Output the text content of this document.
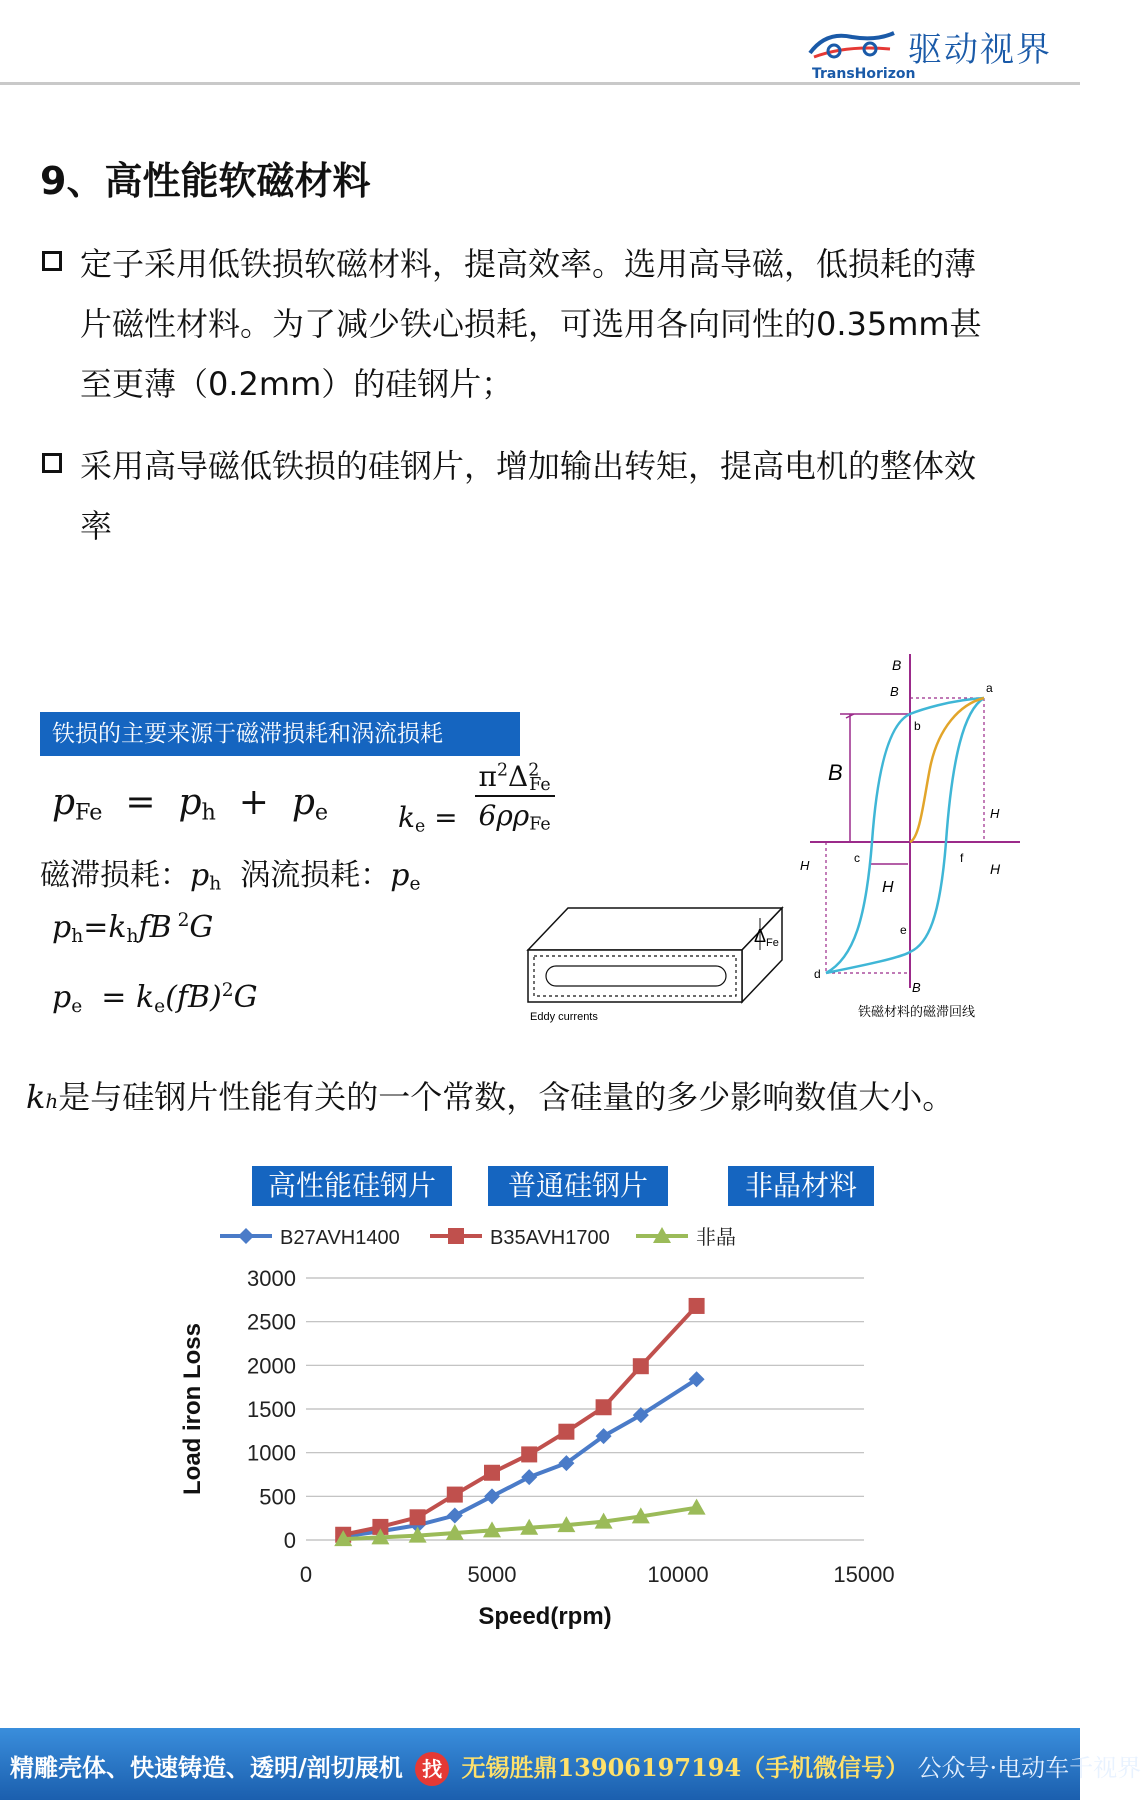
驱动视界
TransHorizon
9、高性能软磁材料
定子采用低铁损软磁材料，提高效率。选用高导磁，低损耗的薄
片磁性材料。为了减少铁心损耗，可选用各向同性的0.35mm甚
至更薄（0.2mm）的硅钢片；
采用高导磁低铁损的硅钢片，增加输出转矩，提高电机的整体效
率
铁损的主要来源于磁滞损耗和涡流损耗
$p_{Fe} = p_h + p_e$ $k_e$ =
$\pi^2\Delta^2_{Fe}$
$6\rho\rho_{Fe}$
磁滞损耗：$p_h$ 涡流损耗：$p_e$
$p_h=k_hfB$ $^2$G
$p_e = k_e(fB)^2G$
$\Delta_{Fe}$
Eddy currents
B
B	a
b
B
H
H
H	c	f
H
e
d
B
铁磁材料的磁滞回线
kh是与硅钢片性能有关的一个常数，含硅量的多少影响数值大小。
高性能硅钢片	普通硅钢片	非晶材料
0
500
1000
1500
2000
2500
3000
0	5000	10000	15000
Speed(rpm)
Load iron Loss
B27AVH1400	B35AVH1700	非晶
精雕壳体、快速铸造、透明/剖切展机 找 无锡胜鼎13906197194（手机微信号） 公众号·电动车千视界
